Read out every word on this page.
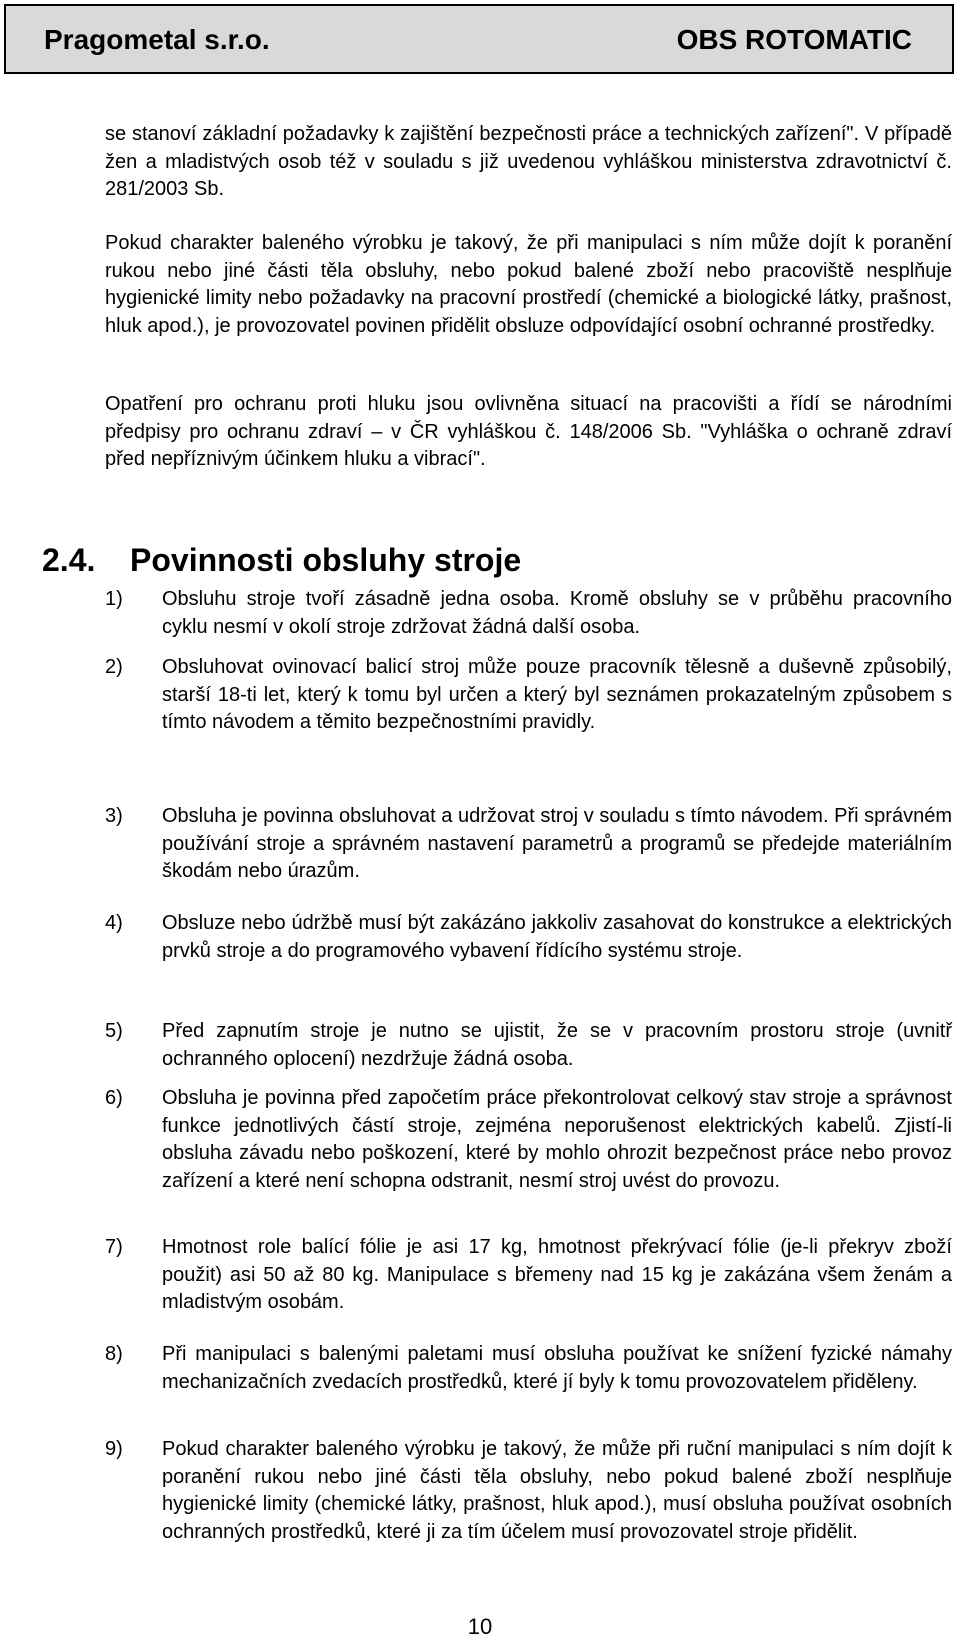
Pragometal s.r.o.	OBS ROTOMATIC

se stanoví základní požadavky k zajištění bezpečnosti práce a technických zařízení". V případě žen a mladistvých osob též v souladu s již uvedenou vyhláškou ministerstva zdravotnictví č. 281/2003 Sb.

Pokud charakter baleného výrobku je takový, že při manipulaci s ním může dojít k poranění rukou nebo jiné části těla obsluhy, nebo pokud balené zboží nebo pracoviště nesplňuje hygienické limity nebo požadavky na pracovní prostředí (chemické a biologické látky, prašnost, hluk apod.), je provozovatel povinen přidělit obsluze odpovídající osobní ochranné prostředky.

Opatření pro ochranu proti hluku jsou ovlivněna situací na pracovišti a řídí se národními předpisy pro ochranu zdraví – v ČR vyhláškou č. 148/2006 Sb. "Vyhláška o ochraně zdraví před nepříznivým účinkem hluku a vibrací".

2.4. Povinnosti obsluhy stroje
1) Obsluhu stroje tvoří zásadně jedna osoba. Kromě obsluhy se v průběhu pracovního cyklu nesmí v okolí stroje zdržovat žádná další osoba.
2) Obsluhovat ovinovací balicí stroj může pouze pracovník tělesně a duševně způsobilý, starší 18-ti let, který k tomu byl určen a který byl seznámen prokazatelným způsobem s tímto návodem a těmito bezpečnostními pravidly.
3) Obsluha je povinna obsluhovat a udržovat stroj v souladu s tímto návodem. Při správném používání stroje a správném nastavení parametrů a programů se předejde materiálním škodám nebo úrazům.
4) Obsluze nebo údržbě musí být zakázáno jakkoliv zasahovat do konstrukce a elektrických prvků stroje a do programového vybavení řídícího systému stroje.
5) Před zapnutím stroje je nutno se ujistit, že se v pracovním prostoru stroje (uvnitř ochranného oplocení) nezdržuje žádná osoba.
6) Obsluha je povinna před započetím práce překontrolovat celkový stav stroje a správnost funkce jednotlivých částí stroje, zejména neporušenost elektrických kabelů. Zjistí-li obsluha závadu nebo poškození, které by mohlo ohrozit bezpečnost práce nebo provoz zařízení a které není schopna odstranit, nesmí stroj uvést do provozu.
7) Hmotnost role balící fólie je asi 17 kg, hmotnost překrývací fólie (je-li překryv zboží použit) asi 50 až 80 kg. Manipulace s břemeny nad 15 kg je zakázána všem ženám a mladistvým osobám.
8) Při manipulaci s balenými paletami musí obsluha používat ke snížení fyzické námahy mechanizačních zvedacích prostředků, které jí byly k tomu provozovatelem přiděleny.
9) Pokud charakter baleného výrobku je takový, že může při ruční manipulaci s ním dojít k poranění rukou nebo jiné části těla obsluhy, nebo pokud balené zboží nesplňuje hygienické limity (chemické látky, prašnost, hluk apod.), musí obsluha používat osobních ochranných prostředků, které ji za tím účelem musí provozovatel stroje přidělit.
10
